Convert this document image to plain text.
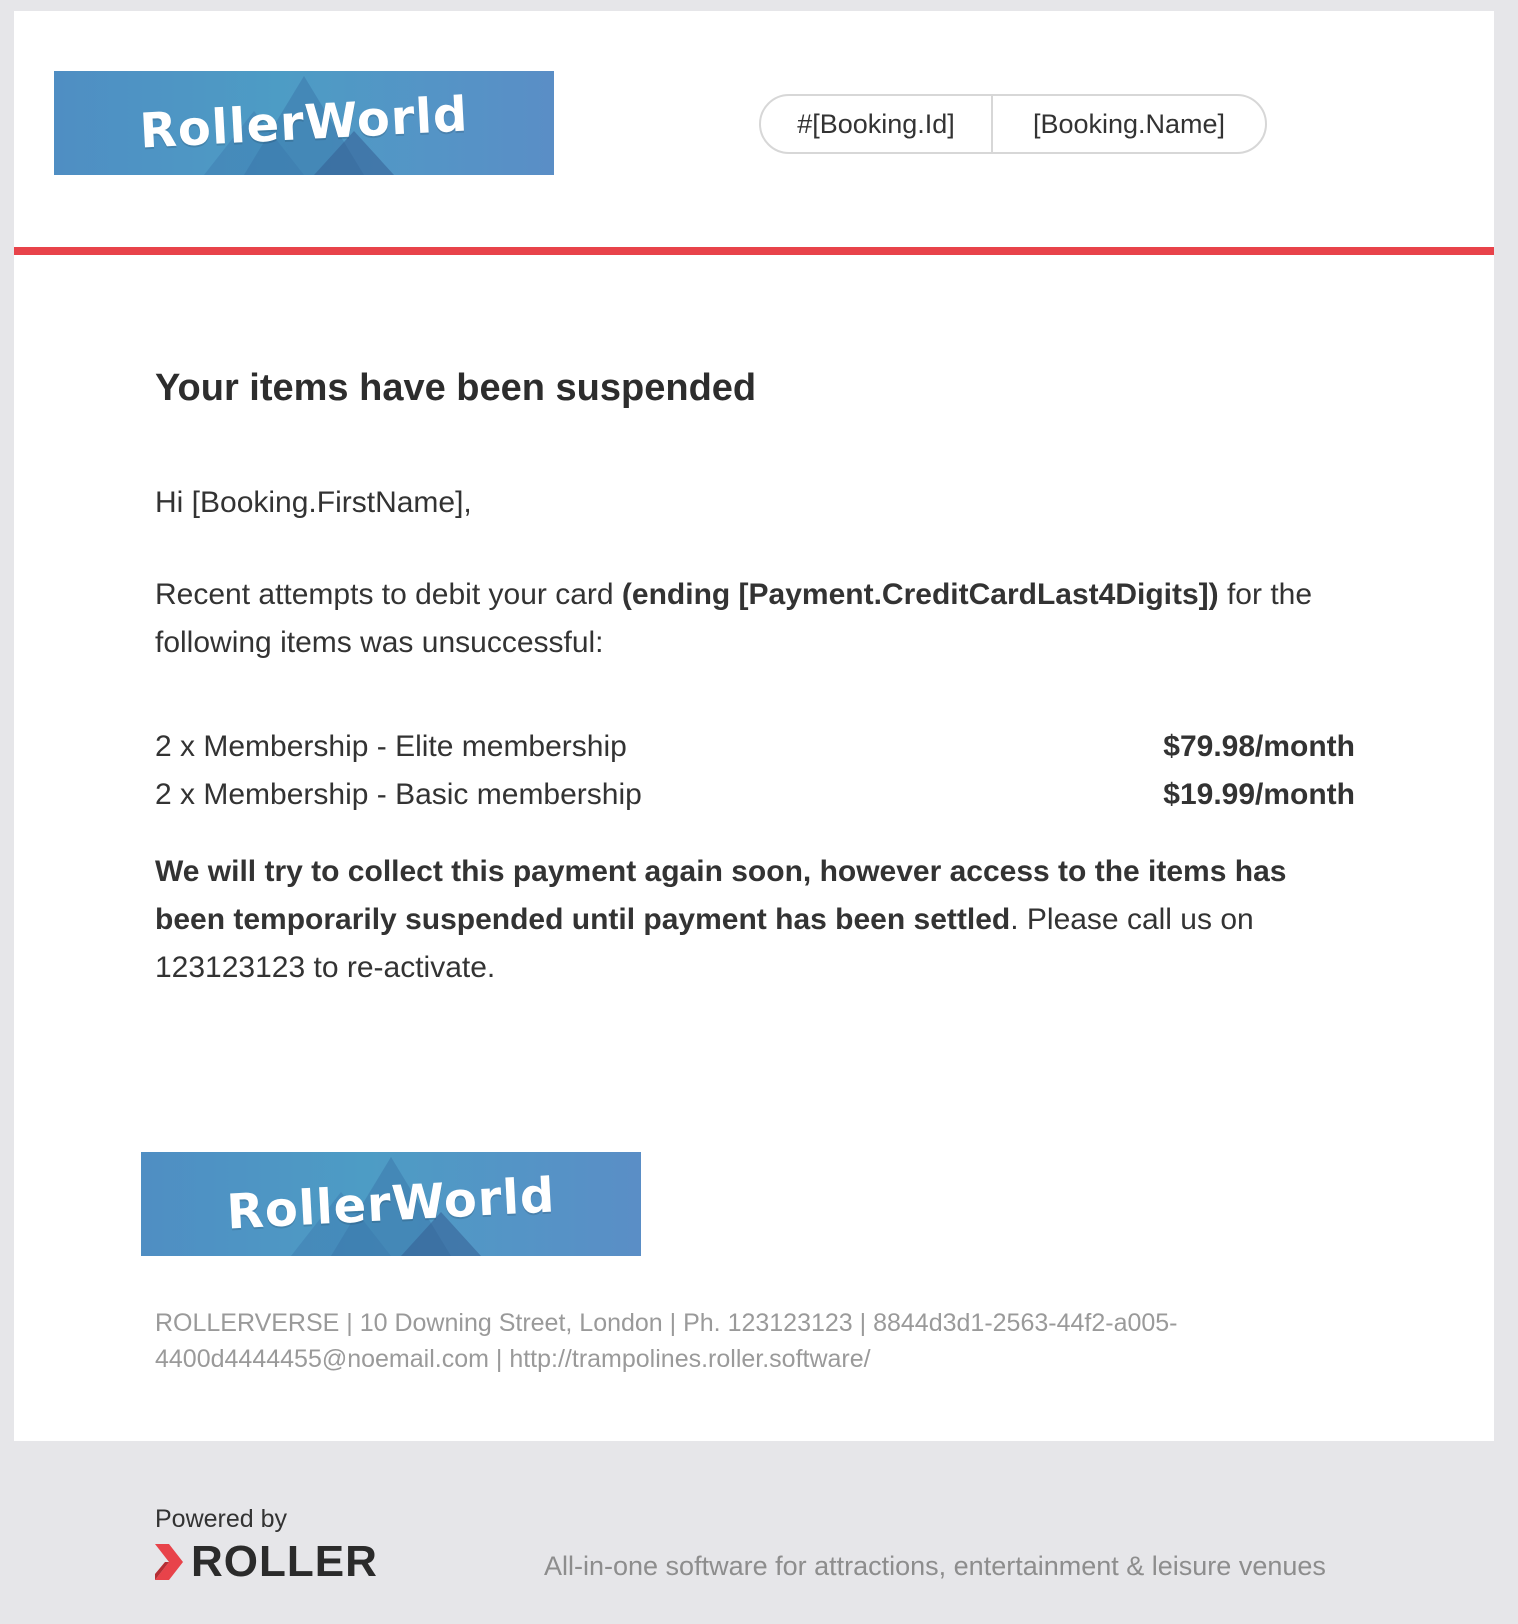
RollerWorld	#[Booking.Id]	[Booking.Name]
Your items have been suspended

Hi [Booking.FirstName],

Recent attempts to debit your card (ending [Payment.CreditCardLast4Digits]) for the following items was unsuccessful:

2 x Membership - Elite membership	$79.98/month
2 x Membership - Basic membership	$19.99/month

We will try to collect this payment again soon, however access to the items has been temporarily suspended until payment has been settled. Please call us on 123123123 to re-activate.

ROLLERVERSE | 10 Downing Street, London | Ph. 123123123 | 8844d3d1-2563-44f2-a005-4400d4444455@noemail.com | http://trampolines.roller.software/

RollerWorld
Powered by
ROLLER	All-in-one software for attractions, entertainment & leisure venues
